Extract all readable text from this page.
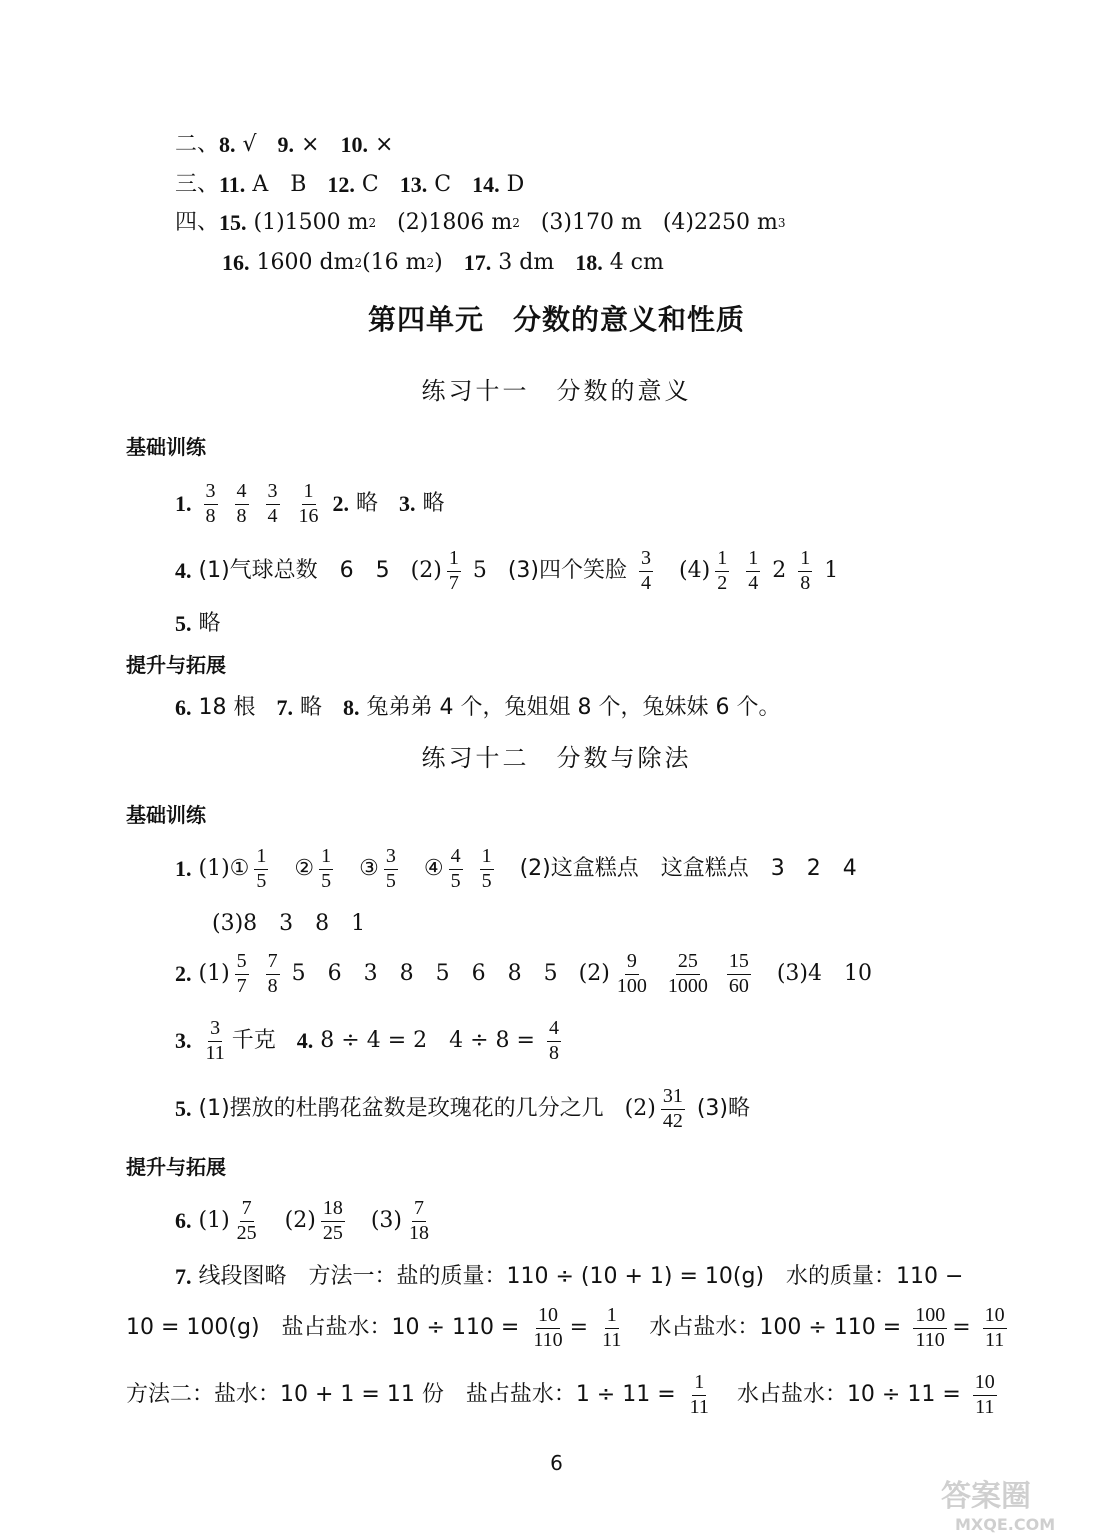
二、8. √ 9. × 10. ×
三、11. A　B 12. C 13. C 14. D
四、15. (1)1500 m2 (2)1806 m2 (3)170 m (4)2250 m3
16. 1600 dm2(16 m2) 17. 3 dm 18. 4 cm
第四单元　分数的意义和性质
练习十一　分数的意义
基础训练
1. $\frac{3}{8}$
$\frac{4}{8}$
$\frac{3}{4}$
$\frac{1}{16} 2$. 略 3. 略
4. (1)气球总数　6　5 $(2) \frac{1}{7} 5$ (3)四个笑脸 $\frac{3}{4} (4) \frac{1}{2}$
$\frac{1}{4} 2 \frac{1}{8} 1$
5. 略
提升与拓展
6. 18 根 7. 略 8. 兔弟弟 4 个，兔姐姐 8 个，兔妹妹 6 个。
练习十二　分数与除法
基础训练
1. (1)① $\frac{1}{5}$ ② $\frac{1}{5}$ ③ $\frac{3}{5}$ ④ $\frac{4}{5}$
$\frac{1}{5} (2)$这盒糕点　这盒糕点　3　2　4
(3)8　3　8　1
2. $(1) \frac{5}{7}$
$\frac{7}{8} 5$　6　3　8　5　6　8　5 $(2) \frac{9}{100}$
$\frac{25}{1000}$
$\frac{15}{60} (3)4$　10
3. $\frac{3}{11}$ 千克 4. 8 ÷ 4 = 2　$4 \div 8 = \frac{4}{8}$
5. (1)摆放的杜鹃花盆数是玫瑰花的几分之几 $(2) \frac{31}{42} (3)$略
提升与拓展
6. $(1) \frac{7}{25} (2) \frac{18}{25} (3) \frac{7}{18}$
7. 线段图略　方法一：盐的质量：110 ÷ (10 + 1) = 10(g)　水的质量：110 −
10 = 100(g)　盐占盐水：$10 \div 110 = \frac{10}{110} = \frac{1}{11}$ 水占盐水：$100 \div 110 = \frac{100}{110} = \frac{10}{11}$
方法二：盐水：10 + 1 = 11 份　盐占盐水：$1 \div 11 = \frac{1}{11}$ 水占盐水：$10 \div 11 = \frac{10}{11}$
6
答案圈
MXQE.COM
